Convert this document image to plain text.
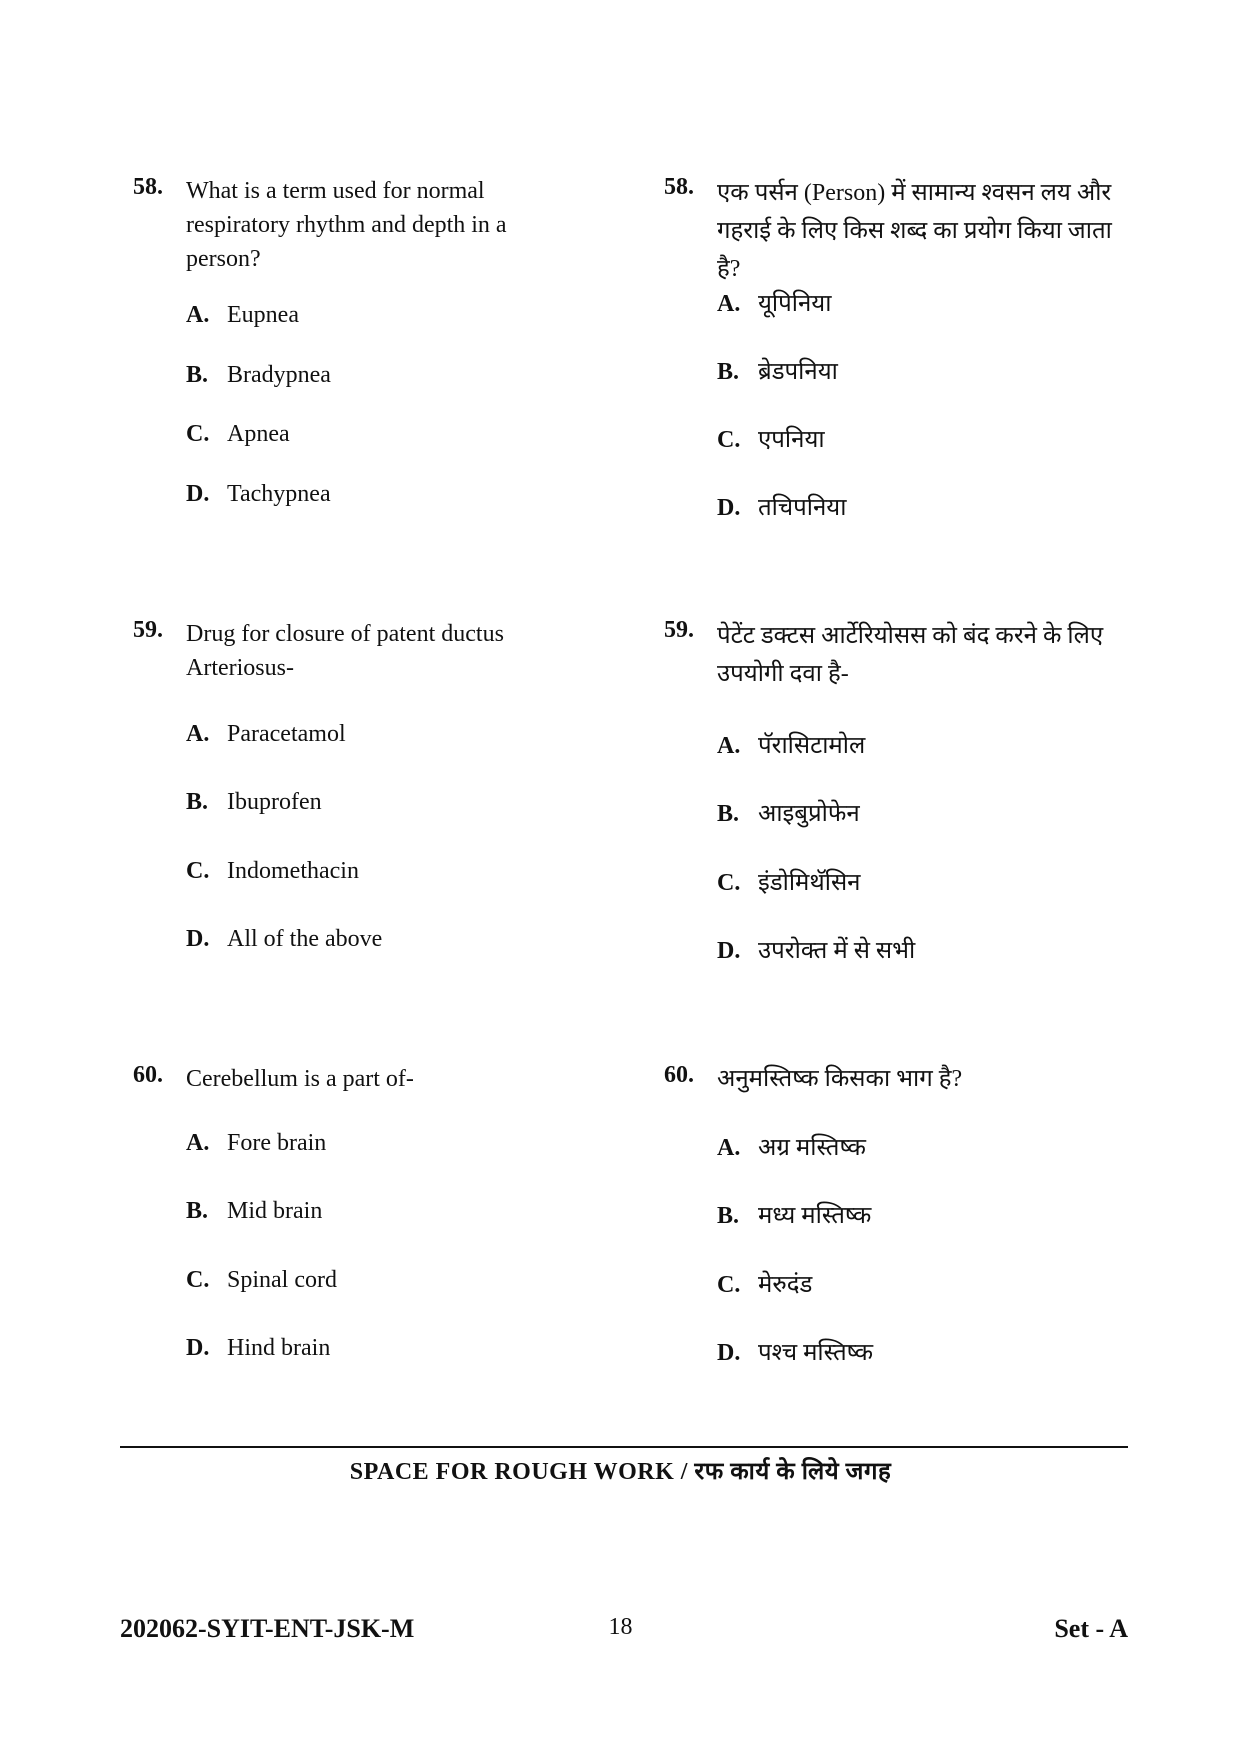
58. What is a term used for normal respiratory rhythm and depth in a person?
A. Eupnea
B. Bradypnea
C. Apnea
D. Tachypnea
58. एक पर्सन (Person) में सामान्य श्वसन लय और गहराई के लिए किस शब्द का प्रयोग किया जाता है?
A. यूपिनिया
B. ब्रेडपनिया
C. एपनिया
D. तचिपनिया
59. Drug for closure of patent ductus Arteriosus-
A. Paracetamol
B. Ibuprofen
C. Indomethacin
D. All of the above
59. पेटेंट डक्टस आर्टेरियोसस को बंद करने के लिए उपयोगी दवा है-
A. पॅरासिटामोल
B. आइबुप्रोफेन
C. इंडोमिथॅसिन
D. उपरोक्त में से सभी
60. Cerebellum is a part of-
A. Fore brain
B. Mid brain
C. Spinal cord
D. Hind brain
60. अनुमस्तिष्क किसका भाग है?
A. अग्र मस्तिष्क
B. मध्य मस्तिष्क
C. मेरुदंड
D. पश्च मस्तिष्क
SPACE FOR ROUGH WORK / रफ कार्य के लिये जगह
202062-SYIT-ENT-JSK-M	18	Set - A
